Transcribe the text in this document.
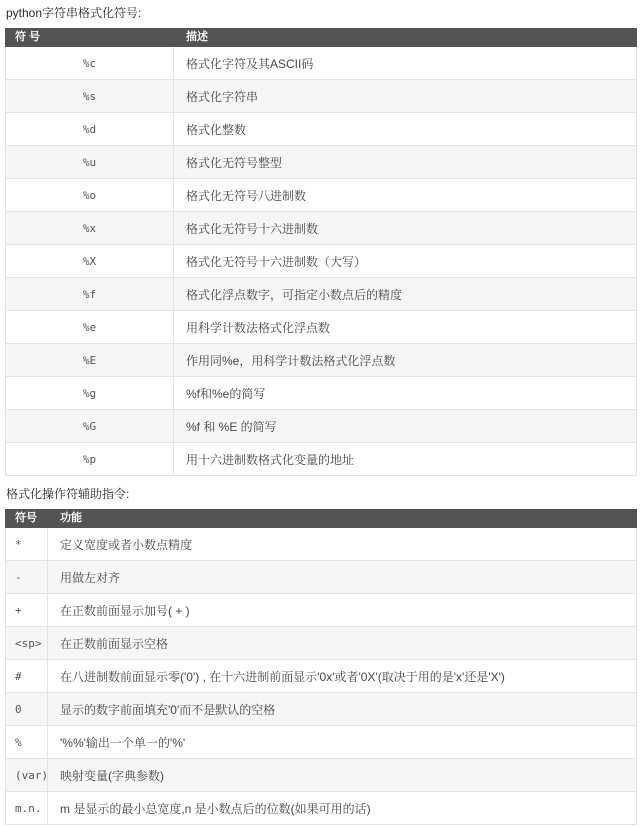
python字符串格式化符号:
符 号	描述
%c	格式化字符及其ASCII码
%s	格式化字符串
%d	格式化整数
%u	格式化无符号整型
%o	格式化无符号八进制数
%x	格式化无符号十六进制数
%X	格式化无符号十六进制数（大写）
%f	格式化浮点数字，可指定小数点后的精度
%e	用科学计数法格式化浮点数
%E	作用同%e，用科学计数法格式化浮点数
%g	%f和%e的简写
%G	%f 和 %E 的简写
%p	用十六进制数格式化变量的地址
格式化操作符辅助指令:
符号	功能
*	定义宽度或者小数点精度
-	用做左对齐
+	在正数前面显示加号( + )
<sp>	在正数前面显示空格
#	在八进制数前面显示零('0') , 在十六进制前面显示'0x'或者'0X'(取决于用的是'x'还是'X')
0	显示的数字前面填充'0'而不是默认的空格
%	'%%'输出一个单一的'%'
(var)	映射变量(字典参数)
m.n.	m 是显示的最小总宽度,n 是小数点后的位数(如果可用的话)
